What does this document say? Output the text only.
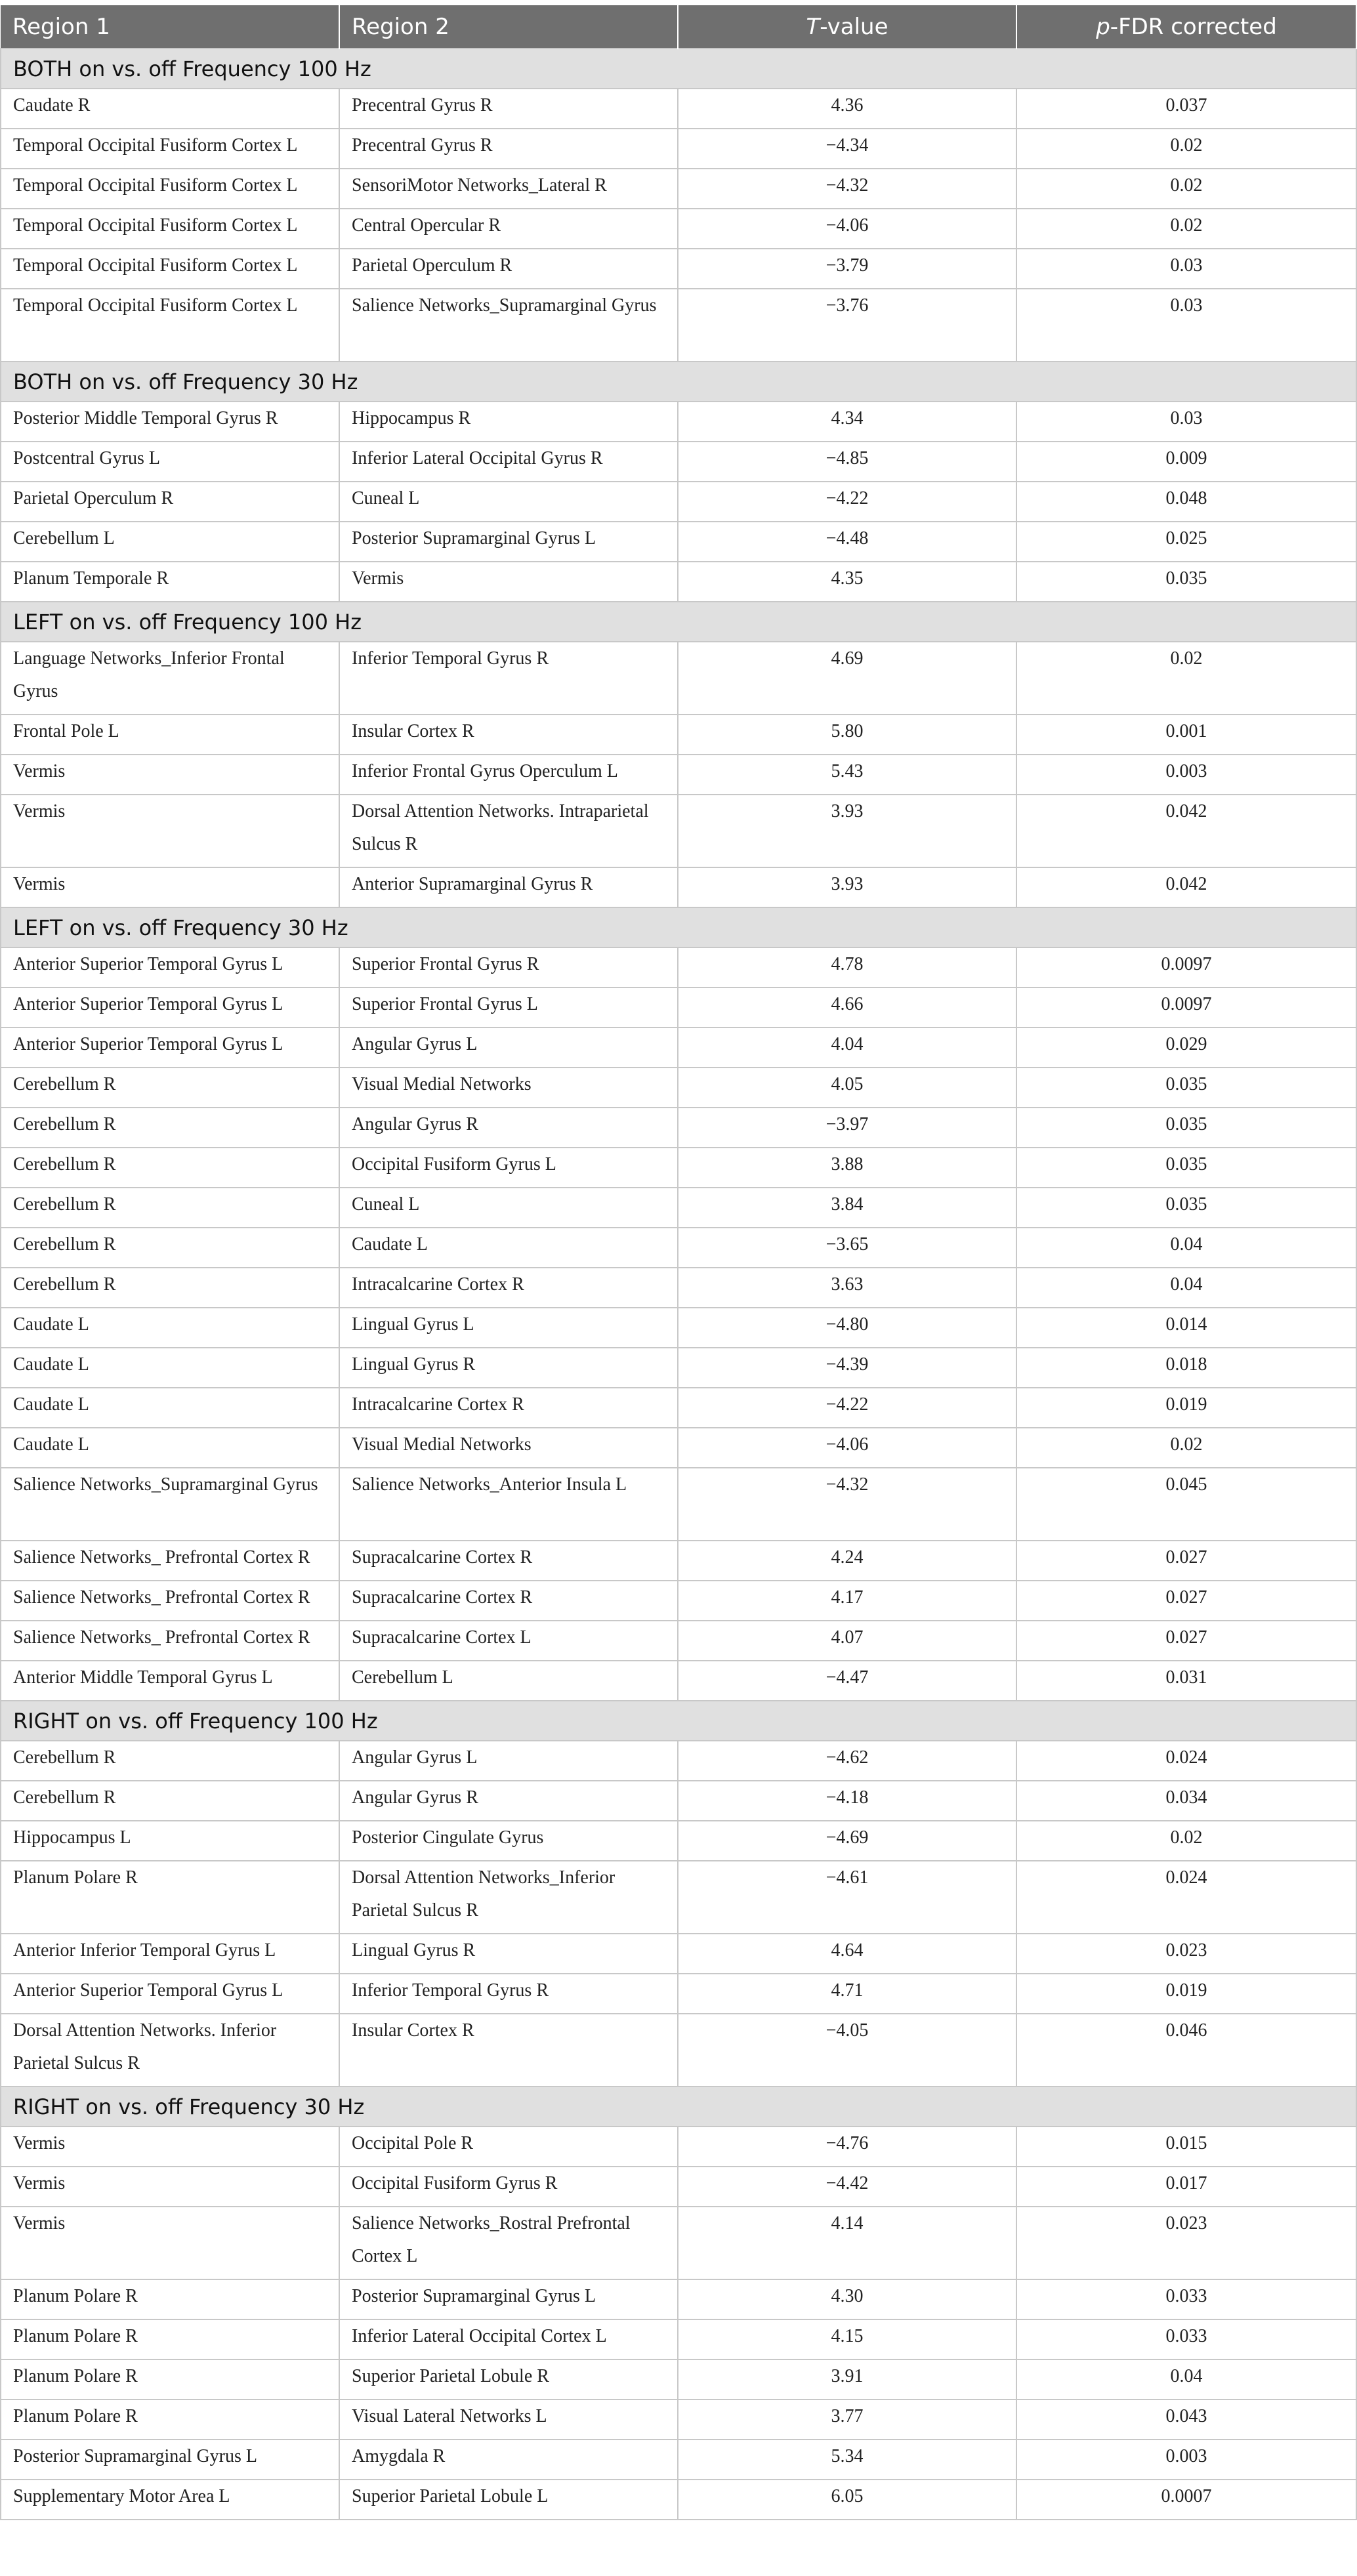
Region 1	Region 2	T-value	p-FDR corrected
BOTH on vs. off Frequency 100 Hz			
Caudate R	Precentral Gyrus R	4.36	0.037
Temporal Occipital Fusiform Cortex L	Precentral Gyrus R	−4.34	0.02
Temporal Occipital Fusiform Cortex L	SensoriMotor Networks_Lateral R	−4.32	0.02
Temporal Occipital Fusiform Cortex L	Central Opercular R	−4.06	0.02
Temporal Occipital Fusiform Cortex L	Parietal Operculum R	−3.79	0.03
Temporal Occipital Fusiform Cortex L	Salience Networks_Supramarginal Gyrus	−3.76	0.03
BOTH on vs. off Frequency 30 Hz			
Posterior Middle Temporal Gyrus R	Hippocampus R	4.34	0.03
Postcentral Gyrus L	Inferior Lateral Occipital Gyrus R	−4.85	0.009
Parietal Operculum R	Cuneal L	−4.22	0.048
Cerebellum L	Posterior Supramarginal Gyrus L	−4.48	0.025
Planum Temporale R	Vermis	4.35	0.035
LEFT on vs. off Frequency 100 Hz			
Language Networks_Inferior Frontal Gyrus	Inferior Temporal Gyrus R	4.69	0.02
Frontal Pole L	Insular Cortex R	5.80	0.001
Vermis	Inferior Frontal Gyrus Operculum L	5.43	0.003
Vermis	Dorsal Attention Networks. Intraparietal Sulcus R	3.93	0.042
Vermis	Anterior Supramarginal Gyrus R	3.93	0.042
LEFT on vs. off Frequency 30 Hz			
Anterior Superior Temporal Gyrus L	Superior Frontal Gyrus R	4.78	0.0097
Anterior Superior Temporal Gyrus L	Superior Frontal Gyrus L	4.66	0.0097
Anterior Superior Temporal Gyrus L	Angular Gyrus L	4.04	0.029
Cerebellum R	Visual Medial Networks	4.05	0.035
Cerebellum R	Angular Gyrus R	−3.97	0.035
Cerebellum R	Occipital Fusiform Gyrus L	3.88	0.035
Cerebellum R	Cuneal L	3.84	0.035
Cerebellum R	Caudate L	−3.65	0.04
Cerebellum R	Intracalcarine Cortex R	3.63	0.04
Caudate L	Lingual Gyrus L	−4.80	0.014
Caudate L	Lingual Gyrus R	−4.39	0.018
Caudate L	Intracalcarine Cortex R	−4.22	0.019
Caudate L	Visual Medial Networks	−4.06	0.02
Salience Networks_Supramarginal Gyrus	Salience Networks_Anterior Insula L	−4.32	0.045
Salience Networks_ Prefrontal Cortex R	Supracalcarine Cortex R	4.24	0.027
Salience Networks_ Prefrontal Cortex R	Supracalcarine Cortex R	4.17	0.027
Salience Networks_ Prefrontal Cortex R	Supracalcarine Cortex L	4.07	0.027
Anterior Middle Temporal Gyrus L	Cerebellum L	−4.47	0.031
RIGHT on vs. off Frequency 100 Hz			
Cerebellum R	Angular Gyrus L	−4.62	0.024
Cerebellum R	Angular Gyrus R	−4.18	0.034
Hippocampus L	Posterior Cingulate Gyrus	−4.69	0.02
Planum Polare R	Dorsal Attention Networks_Inferior Parietal Sulcus R	−4.61	0.024
Anterior Inferior Temporal Gyrus L	Lingual Gyrus R	4.64	0.023
Anterior Superior Temporal Gyrus L	Inferior Temporal Gyrus R	4.71	0.019
Dorsal Attention Networks. Inferior Parietal Sulcus R	Insular Cortex R	−4.05	0.046
RIGHT on vs. off Frequency 30 Hz			
Vermis	Occipital Pole R	−4.76	0.015
Vermis	Occipital Fusiform Gyrus R	−4.42	0.017
Vermis	Salience Networks_Rostral Prefrontal Cortex L	4.14	0.023
Planum Polare R	Posterior Supramarginal Gyrus L	4.30	0.033
Planum Polare R	Inferior Lateral Occipital Cortex L	4.15	0.033
Planum Polare R	Superior Parietal Lobule R	3.91	0.04
Planum Polare R	Visual Lateral Networks L	3.77	0.043
Posterior Supramarginal Gyrus L	Amygdala R	5.34	0.003
Supplementary Motor Area L	Superior Parietal Lobule L	6.05	0.0007
